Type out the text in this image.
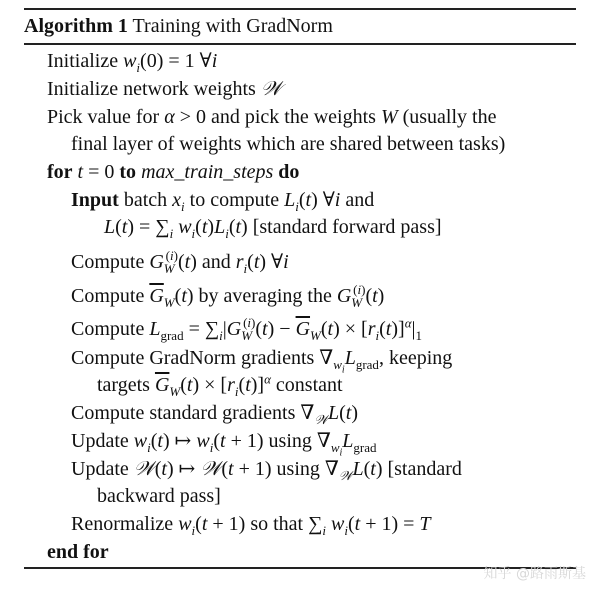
Algorithm 1 Training with GradNorm
Initialize $w_i(0) = 1$ ∀i
Initialize network weights 𝒲
Pick value for α > 0 and pick the weights W (usually the
final layer of weights which are shared between tasks)
for t = 0 to max_train_steps do
Input batch $x_i$ to compute $L_i(t)$ ∀i and
$L(t) = \sum_i$ $w_i(t)L_i(t)$ [standard forward pass]
Compute $G_W^{(i)}(t)$ and $r_i(t)$ ∀i
Compute $\overline{G}_W(t)$ by averaging the $G_W^{(i)}(t)$
Compute $L_{grad} = \sum_i|G_W^{(i)}(t) - \overline{G}_W(t) \times [r_i(t)]^\alpha|_1$
Compute GradNorm gradients $\nabla_{w_i}L_{grad}$, keeping
targets $\overline{G}_W(t) \times [r_i(t)]^\alpha$ constant
Compute standard gradients $\nabla_𝒲L(t)$
Update $w_i(t)$ ↦ $w_i(t + 1)$ using $\nabla_{w_i}L_{grad}$
Update 𝒲(t) ↦ 𝒲(t + 1) using $\nabla_𝒲L(t)$ [standard
backward pass]
Renormalize $w_i(t + 1)$ so that $\sum_i$ $w_i(t + 1) = T$
end for
知乎 @路雨斯基
